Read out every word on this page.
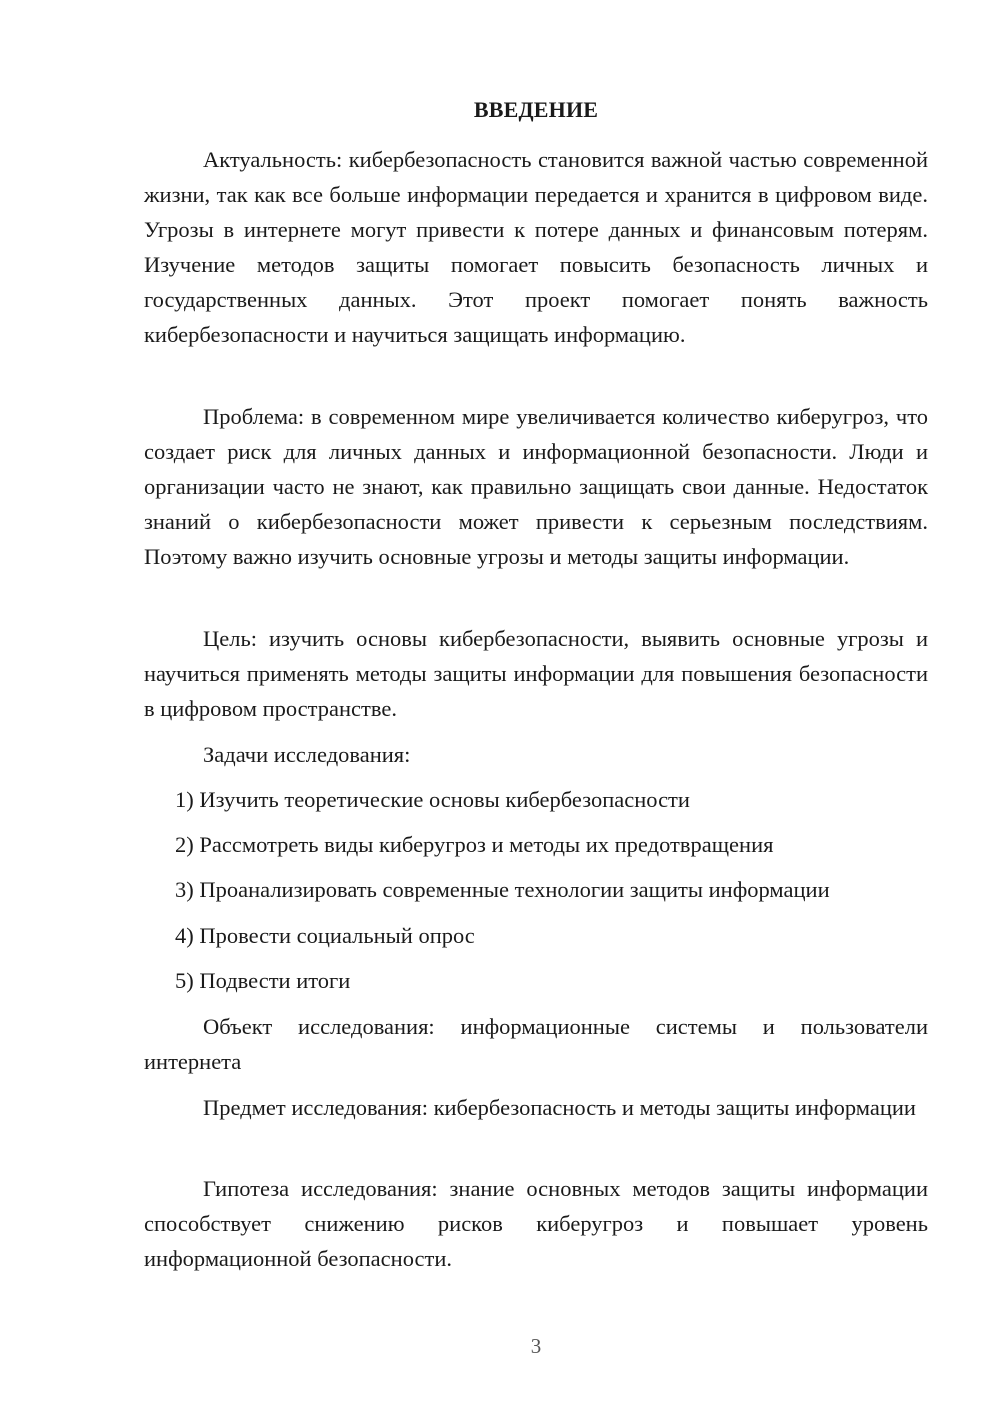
ВВЕДЕНИЕ

Актуальность: кибербезопасность становится важной частью современной жизни, так как все больше информации передается и хранится в цифровом виде. Угрозы в интернете могут привести к потере данных и финансовым потерям. Изучение методов защиты помогает повысить безопасность личных и государственных данных. Этот проект помогает понять важность кибербезопасности и научиться защищать информацию.

Проблема: в современном мире увеличивается количество киберугроз, что создает риск для личных данных и информационной безопасности. Люди и организации часто не знают, как правильно защищать свои данные. Недостаток знаний о кибербезопасности может привести к серьезным последствиям. Поэтому важно изучить основные угрозы и методы защиты информации.

Цель: изучить основы кибербезопасности, выявить основные угрозы и научиться применять методы защиты информации для повышения безопасности в цифровом пространстве.

Задачи исследования:

1) Изучить теоретические основы кибербезопасности

2) Рассмотреть виды киберугроз и методы их предотвращения

3) Проанализировать современные технологии защиты информации

4) Провести социальный опрос

5) Подвести итоги

Объект исследования: информационные системы и пользователи интернета

Предмет исследования: кибербезопасность и методы защиты информации

Гипотеза исследования: знание основных методов защиты информации способствует снижению рисков киберугроз и повышает уровень информационной безопасности.

3
